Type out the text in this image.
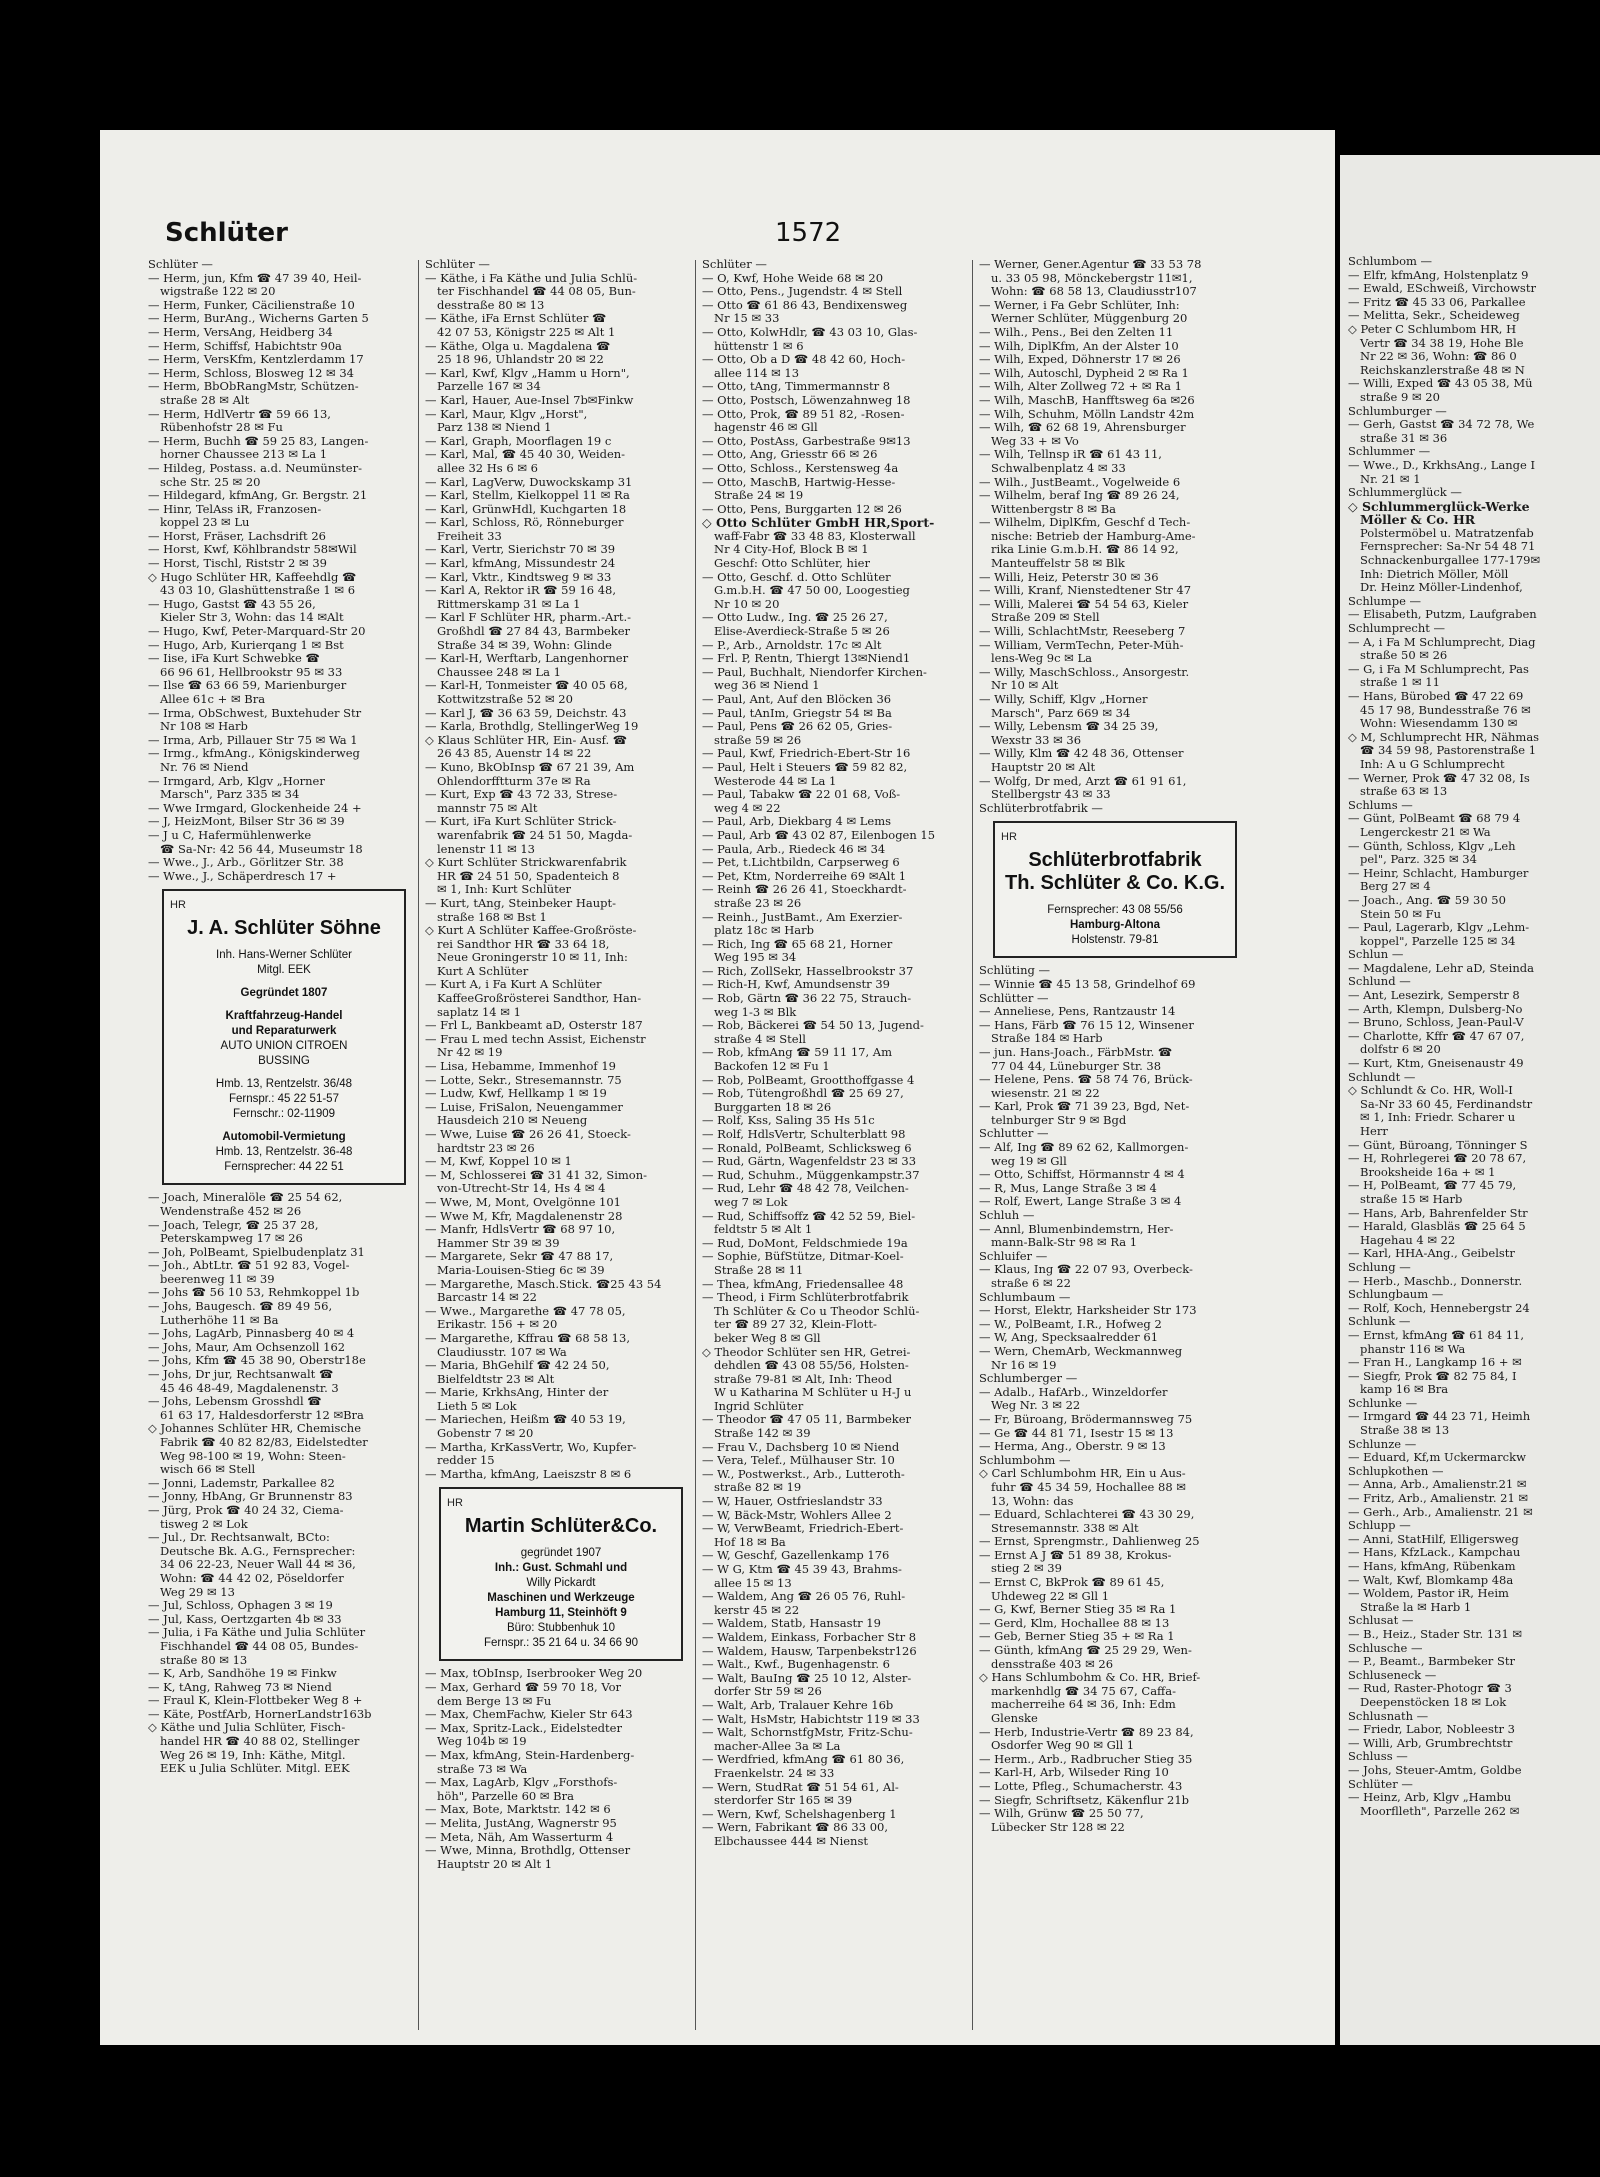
Schlüter	1572
Schlüter —
— Herm, jun, Kfm ☎ 47 39 40, Heil-
wigstraße 122 ✉ 20
— Herm, Funker, Cäcilienstraße 10
— Herm, BurAng., Wicherns Garten 5
— Herm, VersAng, Heidberg 34
— Herm, Schiffsf, Habichtstr 90a
— Herm, VersKfm, Kentzlerdamm 17
— Herm, Schloss, Blosweg 12 ✉ 34
— Herm, BbObRangMstr, Schützen-
straße 28 ✉ Alt
— Herm, HdlVertr ☎ 59 66 13,
Rübenhofstr 28 ✉ Fu
— Herm, Buchh ☎ 59 25 83, Langen-
horner Chaussee 213 ✉ La 1
— Hildeg, Postass. a.d. Neumünster-
sche Str. 25 ✉ 20
— Hildegard, kfmAng, Gr. Bergstr. 21
— Hinr, TelAss iR, Franzosen-
koppel 23 ✉ Lu
— Horst, Fräser, Lachsdrift 26
— Horst, Kwf, Köhlbrandstr 58✉Wil
— Horst, Tischl, Riststr 2 ✉ 39
◇ Hugo Schlüter HR, Kaffeehdlg ☎
43 03 10, Glashüttenstraße 1 ✉ 6
— Hugo, Gastst ☎ 43 55 26,
Kieler Str 3, Wohn: das 14 ✉Alt
— Hugo, Kwf, Peter-Marquard-Str 20
— Hugo, Arb, Kurierqang 1 ✉ Bst
— Iise, iFa Kurt Schwebke ☎
66 96 61, Hellbrookstr 95 ✉ 33
— Ilse ☎ 63 66 59, Marienburger
Allee 61c + ✉ Bra
— Irma, ObSchwest, Buxtehuder Str
Nr 108 ✉ Harb
— Irma, Arb, Pillauer Str 75 ✉ Wa 1
— Irmg., kfmAng., Königskinderweg
Nr. 76 ✉ Niend
— Irmgard, Arb, Klgv „Horner
Marsch", Parz 335 ✉ 34
— Wwe Irmgard, Glockenheide 24 +
— J, HeizMont, Bilser Str 36 ✉ 39
— J u C, Hafermühlenwerke
☎ Sa-Nr: 42 56 44, Museumstr 18
— Wwe., J., Arb., Görlitzer Str. 38
— Wwe., J., Schäperdresch 17 +
HR
J. A. Schlüter Söhne
Inh. Hans-Werner Schlüter
Mitgl. EEK
Gegründet 1807
Kraftfahrzeug-Handel
und Reparaturwerk
AUTO UNION CITROEN
BUSSING
Hmb. 13, Rentzelstr. 36/48
Fernspr.: 45 22 51-57
Fernschr.: 02-11909
Automobil-Vermietung
Hmb. 13, Rentzelstr. 36-48
Fernsprecher: 44 22 51
— Joach, Mineralöle ☎ 25 54 62,
Wendenstraße 452 ✉ 26
— Joach, Telegr, ☎ 25 37 28,
Peterskampweg 17 ✉ 26
— Joh, PolBeamt, Spielbudenplatz 31
— Joh., AbtLtr. ☎ 51 92 83, Vogel-
beerenweg 11 ✉ 39
— Johs ☎ 56 10 53, Rehmkoppel 1b
— Johs, Baugesch. ☎ 89 49 56,
Lutherhöhe 11 ✉ Ba
— Johs, LagArb, Pinnasberg 40 ✉ 4
— Johs, Maur, Am Ochsenzoll 162
— Johs, Kfm ☎ 45 38 90, Oberstr18e
— Johs, Dr jur, Rechtsanwalt ☎
45 46 48-49, Magdalenenstr. 3
— Johs, Lebensm Grosshdl ☎
61 63 17, Haldesdorferstr 12 ✉Bra
◇ Johannes Schlüter HR, Chemische
Fabrik ☎ 40 82 82/83, Eidelstedter
Weg 98-100 ✉ 19, Wohn: Steen-
wisch 66 ✉ Stell
— Jonni, Lademstr, Parkallee 82
— Jonny, HbAng, Gr Brunnenstr 83
— Jürg, Prok ☎ 40 24 32, Ciema-
tisweg 2 ✉ Lok
— Jul., Dr. Rechtsanwalt, BCto:
Deutsche Bk. A.G., Fernsprecher:
34 06 22-23, Neuer Wall 44 ✉ 36,
Wohn: ☎ 44 42 02, Pöseldorfer
Weg 29 ✉ 13
— Jul, Schloss, Ophagen 3 ✉ 19
— Jul, Kass, Oertzgarten 4b ✉ 33
— Julia, i Fa Käthe und Julia Schlüter
Fischhandel ☎ 44 08 05, Bundes-
straße 80 ✉ 13
— K, Arb, Sandhöhe 19 ✉ Finkw
— K, tAng, Rahweg 73 ✉ Niend
— Fraul K, Klein-Flottbeker Weg 8 +
— Käte, PostfArb, HornerLandstr163b
◇ Käthe und Julia Schlüter, Fisch-
handel HR ☎ 40 88 02, Stellinger
Weg 26 ✉ 19, Inh: Käthe, Mitgl.
EEK u Julia Schlüter. Mitgl. EEK
Schlüter —
— Käthe, i Fa Käthe und Julia Schlü-
ter Fischhandel ☎ 44 08 05, Bun-
desstraße 80 ✉ 13
— Käthe, iFa Ernst Schlüter ☎
42 07 53, Königstr 225 ✉ Alt 1
— Käthe, Olga u. Magdalena ☎
25 18 96, Uhlandstr 20 ✉ 22
— Karl, Kwf, Klgv „Hamm u Horn",
Parzelle 167 ✉ 34
— Karl, Hauer, Aue-Insel 7b✉Finkw
— Karl, Maur, Klgv „Horst",
Parz 138 ✉ Niend 1
— Karl, Graph, Moorflagen 19 c
— Karl, Mal, ☎ 45 40 30, Weiden-
allee 32 Hs 6 ✉ 6
— Karl, LagVerw, Duwockskamp 31
— Karl, Stellm, Kielkoppel 11 ✉ Ra
— Karl, GrünwHdl, Kuchgarten 18
— Karl, Schloss, Rö, Rönneburger
Freiheit 33
— Karl, Vertr, Sierichstr 70 ✉ 39
— Karl, kfmAng, Missundestr 24
— Karl, Vktr., Kindtsweg 9 ✉ 33
— Karl A, Rektor iR ☎ 59 16 48,
Rittmerskamp 31 ✉ La 1
— Karl F Schlüter HR, pharm.-Art.-
Großhdl ☎ 27 84 43, Barmbeker
Straße 34 ✉ 39, Wohn: Glinde
— Karl-H, Werftarb, Langenhorner
Chaussee 248 ✉ La 1
— Karl-H, Tonmeister ☎ 40 05 68,
Kottwitzstraße 52 ✉ 20
— Karl J, ☎ 36 63 59, Deichstr. 43
— Karla, Brothdlg, StellingerWeg 19
◇ Klaus Schlüter HR, Ein- Ausf. ☎
26 43 85, Auenstr 14 ✉ 22
— Kuno, BkObInsp ☎ 67 21 39, Am
Ohlendorfftturm 37e ✉ Ra
— Kurt, Exp ☎ 43 72 33, Strese-
mannstr 75 ✉ Alt
— Kurt, iFa Kurt Schlüter Strick-
warenfabrik ☎ 24 51 50, Magda-
lenenstr 11 ✉ 13
◇ Kurt Schlüter Strickwarenfabrik
HR ☎ 24 51 50, Spadenteich 8
✉ 1, Inh: Kurt Schlüter
— Kurt, tAng, Steinbeker Haupt-
straße 168 ✉ Bst 1
◇ Kurt A Schlüter Kaffee-Großröste-
rei Sandthor HR ☎ 33 64 18,
Neue Groningerstr 10 ✉ 11, Inh:
Kurt A Schlüter
— Kurt A, i Fa Kurt A Schlüter
KaffeeGroßrösterei Sandthor, Han-
saplatz 14 ✉ 1
— Frl L, Bankbeamt aD, Osterstr 187
— Frau L med techn Assist, Eichenstr
Nr 42 ✉ 19
— Lisa, Hebamme, Immenhof 19
— Lotte, Sekr., Stresemannstr. 75
— Ludw, Kwf, Hellkamp 1 ✉ 19
— Luise, FriSalon, Neuengammer
Hausdeich 210 ✉ Neueng
— Wwe, Luise ☎ 26 26 41, Stoeck-
hardtstr 23 ✉ 26
— M, Kwf, Koppel 10 ✉ 1
— M, Schlosserei ☎ 31 41 32, Simon-
von-Utrecht-Str 14, Hs 4 ✉ 4
— Wwe, M, Mont, Ovelgönne 101
— Wwe M, Kfr, Magdalenenstr 28
— Manfr, HdlsVertr ☎ 68 97 10,
Hammer Str 39 ✉ 39
— Margarete, Sekr ☎ 47 88 17,
Maria-Louisen-Stieg 6c ✉ 39
— Margarethe, Masch.Stick. ☎25 43 54
Barcastr 14 ✉ 22
— Wwe., Margarethe ☎ 47 78 05,
Erikastr. 156 + ✉ 20
— Margarethe, Kffrau ☎ 68 58 13,
Claudiusstr. 107 ✉ Wa
— Maria, BhGehilf ☎ 42 24 50,
Bielfeldtstr 23 ✉ Alt
— Marie, KrkhsAng, Hinter der
Lieth 5 ✉ Lok
— Mariechen, Heißm ☎ 40 53 19,
Gobenstr 7 ✉ 20
— Martha, KrKassVertr, Wo, Kupfer-
redder 15
— Martha, kfmAng, Laeiszstr 8 ✉ 6
HR
Martin Schlüter&Co.
gegründet 1907
Inh.: Gust. Schmahl und
Willy Pickardt
Maschinen und Werkzeuge
Hamburg 11, Steinhöft 9
Büro: Stubbenhuk 10
Fernspr.: 35 21 64 u. 34 66 90
— Max, tObInsp, Iserbrooker Weg 20
— Max, Gerhard ☎ 59 70 18, Vor
dem Berge 13 ✉ Fu
— Max, ChemFachw, Kieler Str 643
— Max, Spritz-Lack., Eidelstedter
Weg 104b ✉ 19
— Max, kfmAng, Stein-Hardenberg-
straße 73 ✉ Wa
— Max, LagArb, Klgv „Forsthofs-
höh", Parzelle 60 ✉ Bra
— Max, Bote, Marktstr. 142 ✉ 6
— Melita, JustAng, Wagnerstr 95
— Meta, Näh, Am Wasserturm 4
— Wwe, Minna, Brothdlg, Ottenser
Hauptstr 20 ✉ Alt 1
Schlüter —
— O, Kwf, Hohe Weide 68 ✉ 20
— Otto, Pens., Jugendstr. 4 ✉ Stell
— Otto ☎ 61 86 43, Bendixensweg
Nr 15 ✉ 33
— Otto, KolwHdlr, ☎ 43 03 10, Glas-
hüttenstr 1 ✉ 6
— Otto, Ob a D ☎ 48 42 60, Hoch-
allee 114 ✉ 13
— Otto, tAng, Timmermannstr 8
— Otto, Postsch, Löwenzahnweg 18
— Otto, Prok, ☎ 89 51 82, -Rosen-
hagenstr 46 ✉ Gll
— Otto, PostAss, Garbestraße 9✉13
— Otto, Ang, Griesstr 66 ✉ 26
— Otto, Schloss., Kerstensweg 4a
— Otto, MaschB, Hartwig-Hesse-
Straße 24 ✉ 19
— Otto, Pens, Burggarten 12 ✉ 26
◇ Otto Schlüter GmbH HR,Sport-
waff-Fabr ☎ 33 48 83, Klosterwall
Nr 4 City-Hof, Block B ✉ 1
Geschf: Otto Schlüter, hier
— Otto, Geschf. d. Otto Schlüter
G.m.b.H. ☎ 47 50 00, Loogestieg
Nr 10 ✉ 20
— Otto Ludw., Ing. ☎ 25 26 27,
Elise-Averdieck-Straße 5 ✉ 26
— P., Arb., Arnoldstr. 17c ✉ Alt
— Frl. P, Rentn, Thiergt 13✉Niend1
— Paul, Buchhalt, Niendorfer Kirchen-
weg 36 ✉ Niend 1
— Paul, Ant, Auf den Blöcken 36
— Paul, tAnIm, Griegstr 54 ✉ Ba
— Paul, Pens ☎ 26 62 05, Gries-
straße 59 ✉ 26
— Paul, Kwf, Friedrich-Ebert-Str 16
— Paul, Helt i Steuers ☎ 59 82 82,
Westerode 44 ✉ La 1
— Paul, Tabakw ☎ 22 01 68, Voß-
weg 4 ✉ 22
— Paul, Arb, Diekbarg 4 ✉ Lems
— Paul, Arb ☎ 43 02 87, Eilenbogen 15
— Paula, Arb., Riedeck 46 ✉ 34
— Pet, t.Lichtbildn, Carpserweg 6
— Pet, Ktm, Norderreihe 69 ✉Alt 1
— Reinh ☎ 26 26 41, Stoeckhardt-
straße 23 ✉ 26
— Reinh., JustBamt., Am Exerzier-
platz 18c ✉ Harb
— Rich, Ing ☎ 65 68 21, Horner
Weg 195 ✉ 34
— Rich, ZollSekr, Hasselbrookstr 37
— Rich-H, Kwf, Amundsenstr 39
— Rob, Gärtn ☎ 36 22 75, Strauch-
weg 1-3 ✉ Blk
— Rob, Bäckerei ☎ 54 50 13, Jugend-
straße 4 ✉ Stell
— Rob, kfmAng ☎ 59 11 17, Am
Backofen 12 ✉ Fu 1
— Rob, PolBeamt, Grootthoffgasse 4
— Rob, Tütengroßhdl ☎ 25 69 27,
Burggarten 18 ✉ 26
— Rolf, Kss, Saling 35 Hs 51c
— Rolf, HdlsVertr, Schulterblatt 98
— Ronald, PolBeamt, Schlicksweg 6
— Rud, Gärtn, Wagenfeldstr 23 ✉ 33
— Rud, Schuhm., Müggenkampstr.37
— Rud, Lehr ☎ 48 42 78, Veilchen-
weg 7 ✉ Lok
— Rud, Schiffsoffz ☎ 42 52 59, Biel-
feldtstr 5 ✉ Alt 1
— Rud, DoMont, Feldschmiede 19a
— Sophie, BüfStütze, Ditmar-Koel-
Straße 28 ✉ 11
— Thea, kfmAng, Friedensallee 48
— Theod, i Firm Schlüterbrotfabrik
Th Schlüter & Co u Theodor Schlü-
ter ☎ 89 27 32, Klein-Flott-
beker Weg 8 ✉ Gll
◇ Theodor Schlüter sen HR, Getrei-
dehdlen ☎ 43 08 55/56, Holsten-
straße 79-81 ✉ Alt, Inh: Theod
W u Katharina M Schlüter u H-J u
Ingrid Schlüter
— Theodor ☎ 47 05 11, Barmbeker
Straße 142 ✉ 39
— Frau V., Dachsberg 10 ✉ Niend
— Vera, Telef., Mülhauser Str. 10
— W., Postwerkst., Arb., Lutteroth-
straße 82 ✉ 19
— W, Hauer, Ostfrieslandstr 33
— W, Bäck-Mstr, Wohlers Allee 2
— W, VerwBeamt, Friedrich-Ebert-
Hof 18 ✉ Ba
— W, Geschf, Gazellenkamp 176
— W G, Ktm ☎ 45 39 43, Brahms-
allee 15 ✉ 13
— Waldem, Ang ☎ 26 05 76, Ruhl-
kerstr 45 ✉ 22
— Waldem, Statb, Hansastr 19
— Waldem, Einkass, Forbacher Str 8
— Waldem, Hausw, Tarpenbekstr126
— Walt., Kwf., Bugenhagenstr. 6
— Walt, BauIng ☎ 25 10 12, Alster-
dorfer Str 59 ✉ 26
— Walt, Arb, Tralauer Kehre 16b
— Walt, HsMstr, Habichtstr 119 ✉ 33
— Walt, SchornstfgMstr, Fritz-Schu-
macher-Allee 3a ✉ La
— Werdfried, kfmAng ☎ 61 80 36,
Fraenkelstr. 24 ✉ 33
— Wern, StudRat ☎ 51 54 61, Al-
sterdorfer Str 165 ✉ 39
— Wern, Kwf, Schelshagenberg 1
— Wern, Fabrikant ☎ 86 33 00,
Elbchaussee 444 ✉ Nienst
— Werner, Gener.Agentur ☎ 33 53 78
u. 33 05 98, Mönckebergstr 11✉1,
Wohn: ☎ 68 58 13, Claudiusstr107
— Werner, i Fa Gebr Schlüter, Inh:
Werner Schlüter, Müggenburg 20
— Wilh., Pens., Bei den Zelten 11
— Wilh, DiplKfm, An der Alster 10
— Wilh, Exped, Döhnerstr 17 ✉ 26
— Wilh, Autoschl, Dypheid 2 ✉ Ra 1
— Wilh, Alter Zollweg 72 + ✉ Ra 1
— Wilh, MaschB, Hanfftsweg 6a ✉26
— Wilh, Schuhm, Mölln Landstr 42m
— Wilh, ☎ 62 68 19, Ahrensburger
Weg 33 + ✉ Vo
— Wilh, Tellnsp iR ☎ 61 43 11,
Schwalbenplatz 4 ✉ 33
— Wilh., JustBeamt., Vogelweide 6
— Wilhelm, beraf Ing ☎ 89 26 24,
Wittenbergstr 8 ✉ Ba
— Wilhelm, DiplKfm, Geschf d Tech-
nische: Betrieb der Hamburg-Ame-
rika Linie G.m.b.H. ☎ 86 14 92,
Manteuffelstr 58 ✉ Blk
— Willi, Heiz, Peterstr 30 ✉ 36
— Willi, Kranf, Nienstedtener Str 47
— Willi, Malerei ☎ 54 54 63, Kieler
Straße 209 ✉ Stell
— Willi, SchlachtMstr, Reeseberg 7
— William, VermTechn, Peter-Müh-
lens-Weg 9c ✉ La
— Willy, MaschSchloss., Ansorgestr.
Nr 10 ✉ Alt
— Willy, Schiff, Klgv „Horner
Marsch", Parz 669 ✉ 34
— Willy, Lebensm ☎ 34 25 39,
Wexstr 33 ✉ 36
— Willy, Klm ☎ 42 48 36, Ottenser
Hauptstr 20 ✉ Alt
— Wolfg, Dr med, Arzt ☎ 61 91 61,
Stellbergstr 43 ✉ 33
Schlüterbrotfabrik —
HR
Schlüterbrotfabrik
Th. Schlüter & Co. K.G.
Fernsprecher: 43 08 55/56
Hamburg-Altona
Holstenstr. 79-81
Schlüting —
— Winnie ☎ 45 13 58, Grindelhof 69
Schlütter —
— Anneliese, Pens, Rantzaustr 14
— Hans, Färb ☎ 76 15 12, Winsener
Straße 184 ✉ Harb
— jun. Hans-Joach., FärbMstr. ☎
77 04 44, Lüneburger Str. 38
— Helene, Pens. ☎ 58 74 76, Brück-
wiesenstr. 21 ✉ 22
— Karl, Prok ☎ 71 39 23, Bgd, Net-
telnburger Str 9 ✉ Bgd
Schlutter —
— Alf, Ing ☎ 89 62 62, Kallmorgen-
weg 19 ✉ Gll
— Otto, Schiffst, Hörmannstr 4 ✉ 4
— R, Mus, Lange Straße 3 ✉ 4
— Rolf, Ewert, Lange Straße 3 ✉ 4
Schluh —
— Annl, Blumenbindemstrn, Her-
mann-Balk-Str 98 ✉ Ra 1
Schluifer —
— Klaus, Ing ☎ 22 07 93, Overbeck-
straße 6 ✉ 22
Schlumbaum —
— Horst, Elektr, Harksheider Str 173
— W., PolBeamt, I.R., Hofweg 2
— W, Ang, Specksaalredder 61
— Wern, ChemArb, Weckmannweg
Nr 16 ✉ 19
Schlumberger —
— Adalb., HafArb., Winzeldorfer
Weg Nr. 3 ✉ 22
— Fr, Büroang, Brödermannsweg 75
— Ge ☎ 44 81 71, Isestr 15 ✉ 13
— Herma, Ang., Oberstr. 9 ✉ 13
Schlumbohm —
◇ Carl Schlumbohm HR, Ein u Aus-
fuhr ☎ 45 34 59, Hochallee 88 ✉
13, Wohn: das
— Eduard, Schlachterei ☎ 43 30 29,
Stresemannstr. 338 ✉ Alt
— Ernst, Sprengmstr., Dahlienweg 25
— Ernst A J ☎ 51 89 38, Krokus-
stieg 2 ✉ 39
— Ernst C, BkProk ☎ 89 61 45,
Uhdeweg 22 ✉ Gll 1
— G, Kwf, Berner Stieg 35 ✉ Ra 1
— Gerd, Klm, Hochallee 88 ✉ 13
— Geb, Berner Stieg 35 + ✉ Ra 1
— Günth, kfmAng ☎ 25 29 29, Wen-
densstraße 403 ✉ 26
◇ Hans Schlumbohm & Co. HR, Brief-
markenhdlg ☎ 34 75 67, Caffa-
macherreihe 64 ✉ 36, Inh: Edm
Glenske
— Herb, Industrie-Vertr ☎ 89 23 84,
Osdorfer Weg 90 ✉ Gll 1
— Herm., Arb., Radbrucher Stieg 35
— Karl-H, Arb, Wilseder Ring 10
— Lotte, Pfleg., Schumacherstr. 43
— Siegfr, Schriftsetz, Käkenflur 21b
— Wilh, Grünw ☎ 25 50 77,
Lübecker Str 128 ✉ 22
Schlumbom —
— Elfr, kfmAng, Holstenplatz 9
— Ewald, ESchweiß, Virchowstr
— Fritz ☎ 45 33 06, Parkallee
— Melitta, Sekr., Scheideweg
◇ Peter C Schlumbom HR, H
Vertr ☎ 34 38 19, Hohe Ble
Nr 22 ✉ 36, Wohn: ☎ 86 0
Reichskanzlerstraße 48 ✉ N
— Willi, Exped ☎ 43 05 38, Mü
straße 9 ✉ 20
Schlumburger —
— Gerh, Gastst ☎ 34 72 78, We
straße 31 ✉ 36
Schlummer —
— Wwe., D., KrkhsAng., Lange I
Nr. 21 ✉ 1
Schlummerglück —
◇ Schlummerglück-Werke
Möller & Co. HR
Polstermöbel u. Matratzenfab
Fernsprecher: Sa-Nr 54 48 71
Schnackenburgallee 177-179✉
Inh: Dietrich Möller, Möll
Dr. Heinz Möller-Lindenhof,
Schlumpe —
— Elisabeth, Putzm, Laufgraben
Schlumprecht —
— A, i Fa M Schlumprecht, Diag
straße 50 ✉ 26
— G, i Fa M Schlumprecht, Pas
straße 1 ✉ 11
— Hans, Bürobed ☎ 47 22 69
45 17 98, Bundesstraße 76 ✉
Wohn: Wiesendamm 130 ✉
◇ M, Schlumprecht HR, Nähmas
☎ 34 59 98, Pastorenstraße 1
Inh: A u G Schlumprecht
— Werner, Prok ☎ 47 32 08, Is
straße 63 ✉ 13
Schlums —
— Günt, PolBeamt ☎ 68 79 4
Lengerckestr 21 ✉ Wa
— Günth, Schloss, Klgv „Leh
pel", Parz. 325 ✉ 34
— Heinr, Schlacht, Hamburger
Berg 27 ✉ 4
— Joach., Ang. ☎ 59 30 50
Stein 50 ✉ Fu
— Paul, Lagerarb, Klgv „Lehm-
koppel", Parzelle 125 ✉ 34
Schlun —
— Magdalene, Lehr aD, Steinda
Schlund —
— Ant, Lesezirk, Semperstr 8
— Arth, Klempn, Dulsberg-No
— Bruno, Schloss, Jean-Paul-V
— Charlotte, Kffr ☎ 47 67 07,
dolfstr 6 ✉ 20
— Kurt, Ktm, Gneisenaustr 49
Schlundt —
◇ Schlundt & Co. HR, Woll-I
Sa-Nr 33 60 45, Ferdinandstr
✉ 1, Inh: Friedr. Scharer u
Herr
— Günt, Büroang, Tönninger S
— H, Rohrlegerei ☎ 20 78 67,
Brooksheide 16a + ✉ 1
— H, PolBeamt, ☎ 77 45 79,
straße 15 ✉ Harb
— Hans, Arb, Bahrenfelder Str
— Harald, Glasbläs ☎ 25 64 5
Hagehau 4 ✉ 22
— Karl, HHA-Ang., Geibelstr
Schlung —
— Herb., Maschb., Donnerstr.
Schlungbaum —
— Rolf, Koch, Hennebergstr 24
Schlunk —
— Ernst, kfmAng ☎ 61 84 11,
phanstr 116 ✉ Wa
— Fran H., Langkamp 16 + ✉
— Siegfr, Prok ☎ 82 75 84, I
kamp 16 ✉ Bra
Schlunke —
— Irmgard ☎ 44 23 71, Heimh
Straße 38 ✉ 13
Schlunze —
— Eduard, Kf,m Uckermarckw
Schlupkothen —
— Anna, Arb., Amalienstr.21 ✉
— Fritz, Arb., Amalienstr. 21 ✉
— Gerh., Arb., Amalienstr. 21 ✉
Schlupp —
— Anni, StatHilf, Elligersweg
— Hans, KfzLack., Kampchau
— Hans, kfmAng, Rübenkam
— Walt, Kwf, Blomkamp 48a
— Woldem, Pastor iR, Heim
Straße la ✉ Harb 1
Schlusat —
— B., Heiz., Stader Str. 131 ✉
Schlusche —
— P., Beamt., Barmbeker Str
Schluseneck —
— Rud, Raster-Photogr ☎ 3
Deepenstöcken 18 ✉ Lok
Schlusnath —
— Friedr, Labor, Nobleestr 3
— Willi, Arb, Grumbrechtstr
Schluss —
— Johs, Steuer-Amtm, Goldbe
Schlüter —
— Heinz, Arb, Klgv „Hambu
Moorflleth", Parzelle 262 ✉
